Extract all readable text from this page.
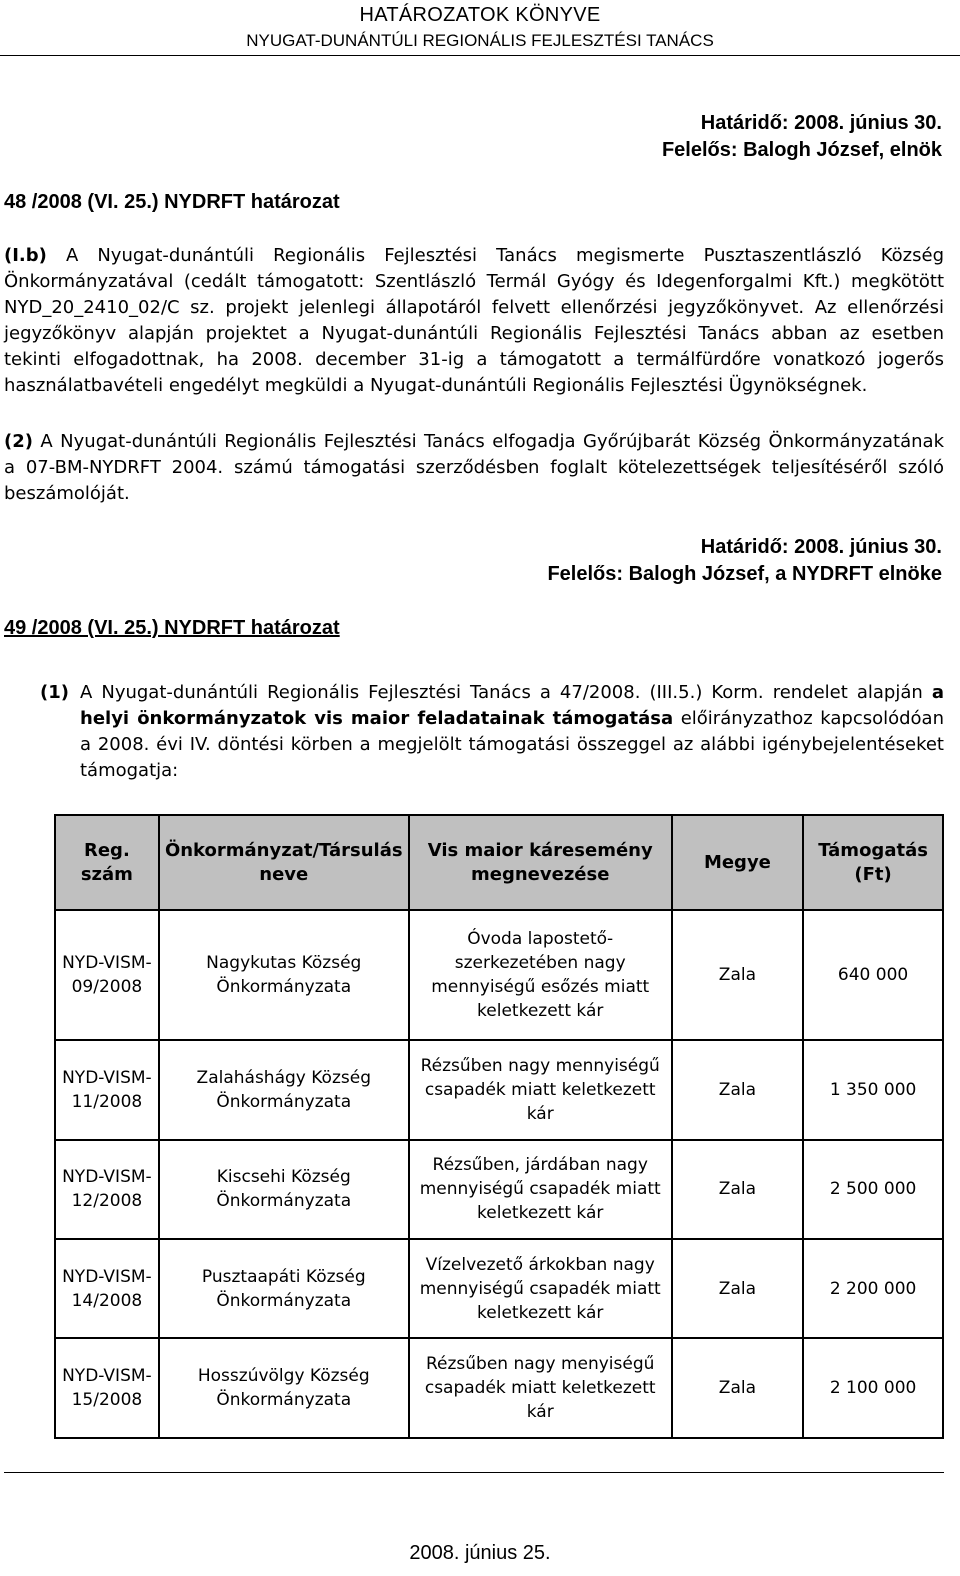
HATÁROZATOK KÖNYVE
NYUGAT-DUNÁNTÚLI REGIONÁLIS FEJLESZTÉSI TANÁCS
Határidő: 2008. június 30.
Felelős: Balogh József, elnök
48 /2008 (VI. 25.) NYDRFT határozat
(I.b) A Nyugat-dunántúli Regionális Fejlesztési Tanács megismerte Pusztaszentlászló Község Önkormányzatával (cedált támogatott: Szentlászló Termál Gyógy és Idegenforgalmi Kft.) megkötött NYD_20_2410_02/C sz. projekt jelenlegi állapotáról felvett ellenőrzési jegyzőkönyvet. Az ellenőrzési jegyzőkönyv alapján projektet a Nyugat-dunántúli Regionális Fejlesztési Tanács abban az esetben tekinti elfogadottnak, ha 2008. december 31-ig a támogatott a termálfürdőre vonatkozó jogerős használatbavételi engedélyt megküldi a Nyugat-dunántúli Regionális Fejlesztési Ügynökségnek.
(2) A Nyugat-dunántúli Regionális Fejlesztési Tanács elfogadja Győrújbarát Község Önkormányzatának a 07-BM-NYDRFT 2004. számú támogatási szerződésben foglalt kötelezettségek teljesítéséről szóló beszámolóját.
Határidő: 2008. június 30.
Felelős: Balogh József, a NYDRFT elnöke
49 /2008 (VI. 25.) NYDRFT határozat
(1) A Nyugat-dunántúli Regionális Fejlesztési Tanács a 47/2008. (III.5.) Korm. rendelet alapján a helyi önkormányzatok vis maior feladatainak támogatása előirányzathoz kapcsolódóan a 2008. évi IV. döntési körben a megjelölt támogatási összeggel az alábbi igénybejelentéseket támogatja:
Reg. szám	Önkormányzat/Társulás neve	Vis maior káresemény megnevezése	Megye	Támogatás (Ft)
NYD-VISM-09/2008	Nagykutas Község Önkormányzata	Óvoda lapostető-szerkezetében nagy mennyiségű esőzés miatt keletkezett kár	Zala	640 000
NYD-VISM-11/2008	Zalaháshágy Község Önkormányzata	Rézsűben nagy mennyiségű csapadék miatt keletkezett kár	Zala	1 350 000
NYD-VISM-12/2008	Kiscsehi Község Önkormányzata	Rézsűben, járdában nagy mennyiségű csapadék miatt keletkezett kár	Zala	2 500 000
NYD-VISM-14/2008	Pusztaapáti Község Önkormányzata	Vízelvezető árkokban nagy mennyiségű csapadék miatt keletkezett kár	Zala	2 200 000
NYD-VISM-15/2008	Hosszúvölgy Község Önkormányzata	Rézsűben nagy menyiségű csapadék miatt keletkezett kár	Zala	2 100 000
2008. június 25.
